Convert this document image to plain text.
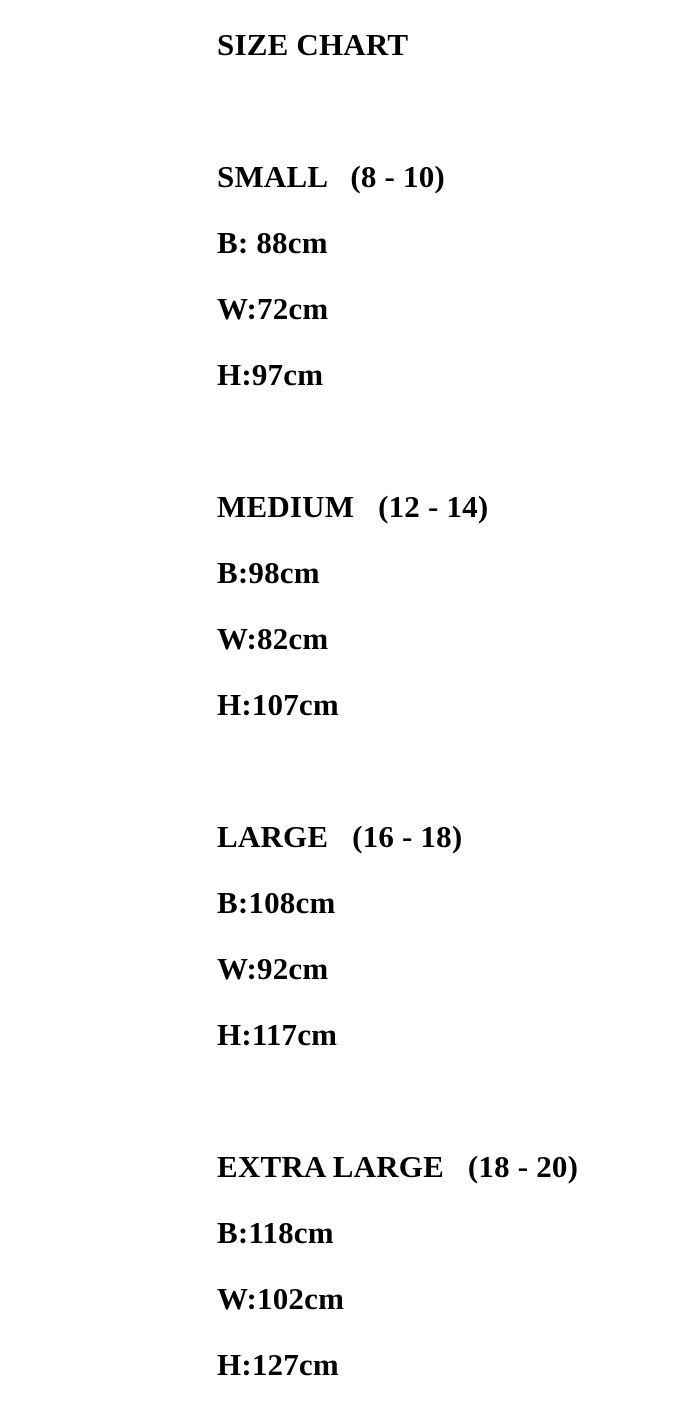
SIZE CHART
SMALL   (8 - 10)
B: 88cm
W:72cm
H:97cm
MEDIUM   (12 - 14)
B:98cm
W:82cm
H:107cm
LARGE   (16 - 18)
B:108cm
W:92cm
H:117cm
EXTRA LARGE   (18 - 20)
B:118cm
W:102cm
H:127cm
